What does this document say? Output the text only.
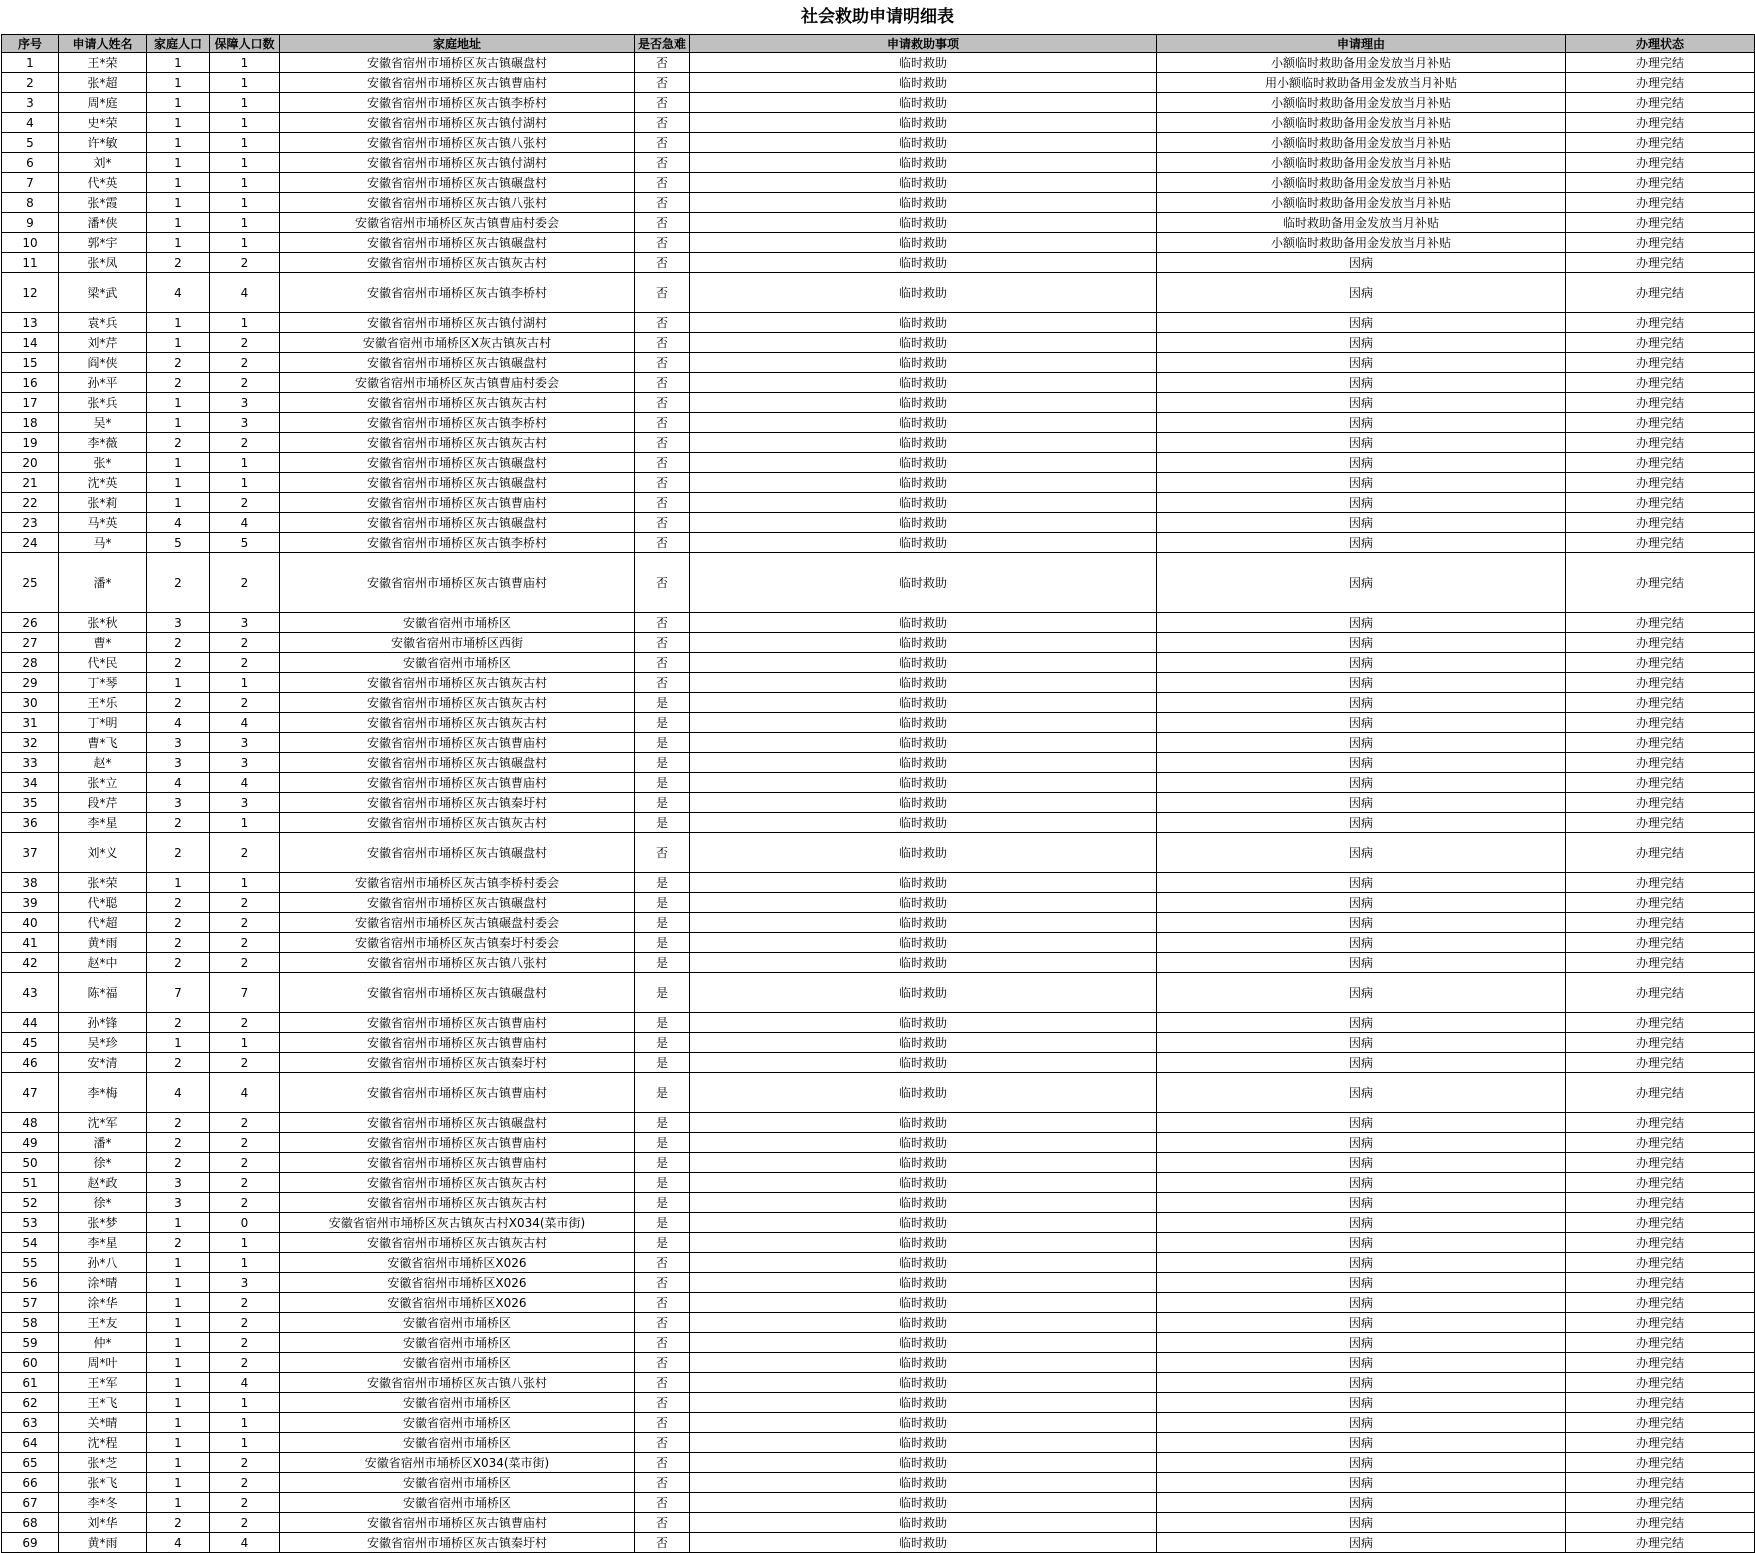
社会救助申请明细表
序号	申请人姓名	家庭人口	保障人口数	家庭地址	是否急难	申请救助事项	申请理由	办理状态
1	王*荣	1	1	安徽省宿州市埇桥区灰古镇碾盘村	否	临时救助	小额临时救助备用金发放当月补贴	办理完结
2	张*超	1	1	安徽省宿州市埇桥区灰古镇曹庙村	否	临时救助	用小额临时救助备用金发放当月补贴	办理完结
3	周*庭	1	1	安徽省宿州市埇桥区灰古镇李桥村	否	临时救助	小额临时救助备用金发放当月补贴	办理完结
4	史*荣	1	1	安徽省宿州市埇桥区灰古镇付湖村	否	临时救助	小额临时救助备用金发放当月补贴	办理完结
5	许*敏	1	1	安徽省宿州市埇桥区灰古镇八张村	否	临时救助	小额临时救助备用金发放当月补贴	办理完结
6	刘*	1	1	安徽省宿州市埇桥区灰古镇付湖村	否	临时救助	小额临时救助备用金发放当月补贴	办理完结
7	代*英	1	1	安徽省宿州市埇桥区灰古镇碾盘村	否	临时救助	小额临时救助备用金发放当月补贴	办理完结
8	张*霞	1	1	安徽省宿州市埇桥区灰古镇八张村	否	临时救助	小额临时救助备用金发放当月补贴	办理完结
9	潘*侠	1	1	安徽省宿州市埇桥区灰古镇曹庙村委会	否	临时救助	临时救助备用金发放当月补贴	办理完结
10	郭*宇	1	1	安徽省宿州市埇桥区灰古镇碾盘村	否	临时救助	小额临时救助备用金发放当月补贴	办理完结
11	张*凤	2	2	安徽省宿州市埇桥区灰古镇灰古村	否	临时救助	因病	办理完结
12	梁*武	4	4	安徽省宿州市埇桥区灰古镇李桥村	否	临时救助	因病	办理完结
13	袁*兵	1	1	安徽省宿州市埇桥区灰古镇付湖村	否	临时救助	因病	办理完结
14	刘*芹	1	2	安徽省宿州市埇桥区X灰古镇灰古村	否	临时救助	因病	办理完结
15	阎*侠	2	2	安徽省宿州市埇桥区灰古镇碾盘村	否	临时救助	因病	办理完结
16	孙*平	2	2	安徽省宿州市埇桥区灰古镇曹庙村委会	否	临时救助	因病	办理完结
17	张*兵	1	3	安徽省宿州市埇桥区灰古镇灰古村	否	临时救助	因病	办理完结
18	吴*	1	3	安徽省宿州市埇桥区灰古镇李桥村	否	临时救助	因病	办理完结
19	李*薇	2	2	安徽省宿州市埇桥区灰古镇灰古村	否	临时救助	因病	办理完结
20	张*	1	1	安徽省宿州市埇桥区灰古镇碾盘村	否	临时救助	因病	办理完结
21	沈*英	1	1	安徽省宿州市埇桥区灰古镇碾盘村	否	临时救助	因病	办理完结
22	张*莉	1	2	安徽省宿州市埇桥区灰古镇曹庙村	否	临时救助	因病	办理完结
23	马*英	4	4	安徽省宿州市埇桥区灰古镇碾盘村	否	临时救助	因病	办理完结
24	马*	5	5	安徽省宿州市埇桥区灰古镇李桥村	否	临时救助	因病	办理完结
25	潘*	2	2	安徽省宿州市埇桥区灰古镇曹庙村	否	临时救助	因病	办理完结
26	张*秋	3	3	安徽省宿州市埇桥区	否	临时救助	因病	办理完结
27	曹*	2	2	安徽省宿州市埇桥区西街	否	临时救助	因病	办理完结
28	代*民	2	2	安徽省宿州市埇桥区	否	临时救助	因病	办理完结
29	丁*琴	1	1	安徽省宿州市埇桥区灰古镇灰古村	否	临时救助	因病	办理完结
30	王*乐	2	2	安徽省宿州市埇桥区灰古镇灰古村	是	临时救助	因病	办理完结
31	丁*明	4	4	安徽省宿州市埇桥区灰古镇灰古村	是	临时救助	因病	办理完结
32	曹*飞	3	3	安徽省宿州市埇桥区灰古镇曹庙村	是	临时救助	因病	办理完结
33	赵*	3	3	安徽省宿州市埇桥区灰古镇碾盘村	是	临时救助	因病	办理完结
34	张*立	4	4	安徽省宿州市埇桥区灰古镇曹庙村	是	临时救助	因病	办理完结
35	段*芹	3	3	安徽省宿州市埇桥区灰古镇秦圩村	是	临时救助	因病	办理完结
36	李*星	2	1	安徽省宿州市埇桥区灰古镇灰古村	是	临时救助	因病	办理完结
37	刘*义	2	2	安徽省宿州市埇桥区灰古镇碾盘村	否	临时救助	因病	办理完结
38	张*荣	1	1	安徽省宿州市埇桥区灰古镇李桥村委会	是	临时救助	因病	办理完结
39	代*聪	2	2	安徽省宿州市埇桥区灰古镇碾盘村	是	临时救助	因病	办理完结
40	代*超	2	2	安徽省宿州市埇桥区灰古镇碾盘村委会	是	临时救助	因病	办理完结
41	黄*雨	2	2	安徽省宿州市埇桥区灰古镇秦圩村委会	是	临时救助	因病	办理完结
42	赵*中	2	2	安徽省宿州市埇桥区灰古镇八张村	是	临时救助	因病	办理完结
43	陈*福	7	7	安徽省宿州市埇桥区灰古镇碾盘村	是	临时救助	因病	办理完结
44	孙*锋	2	2	安徽省宿州市埇桥区灰古镇曹庙村	是	临时救助	因病	办理完结
45	吴*珍	1	1	安徽省宿州市埇桥区灰古镇曹庙村	是	临时救助	因病	办理完结
46	安*清	2	2	安徽省宿州市埇桥区灰古镇秦圩村	是	临时救助	因病	办理完结
47	李*梅	4	4	安徽省宿州市埇桥区灰古镇曹庙村	是	临时救助	因病	办理完结
48	沈*军	2	2	安徽省宿州市埇桥区灰古镇碾盘村	是	临时救助	因病	办理完结
49	潘*	2	2	安徽省宿州市埇桥区灰古镇曹庙村	是	临时救助	因病	办理完结
50	徐*	2	2	安徽省宿州市埇桥区灰古镇曹庙村	是	临时救助	因病	办理完结
51	赵*政	3	2	安徽省宿州市埇桥区灰古镇灰古村	是	临时救助	因病	办理完结
52	徐*	3	2	安徽省宿州市埇桥区灰古镇灰古村	是	临时救助	因病	办理完结
53	张*梦	1	0	安徽省宿州市埇桥区灰古镇灰古村X034(菜市街)	是	临时救助	因病	办理完结
54	李*星	2	1	安徽省宿州市埇桥区灰古镇灰古村	是	临时救助	因病	办理完结
55	孙*八	1	1	安徽省宿州市埇桥区X026	否	临时救助	因病	办理完结
56	涂*晴	1	3	安徽省宿州市埇桥区X026	否	临时救助	因病	办理完结
57	涂*华	1	2	安徽省宿州市埇桥区X026	否	临时救助	因病	办理完结
58	王*友	1	2	安徽省宿州市埇桥区	否	临时救助	因病	办理完结
59	仲*	1	2	安徽省宿州市埇桥区	否	临时救助	因病	办理完结
60	周*叶	1	2	安徽省宿州市埇桥区	否	临时救助	因病	办理完结
61	王*军	1	4	安徽省宿州市埇桥区灰古镇八张村	否	临时救助	因病	办理完结
62	王*飞	1	1	安徽省宿州市埇桥区	否	临时救助	因病	办理完结
63	关*晴	1	1	安徽省宿州市埇桥区	否	临时救助	因病	办理完结
64	沈*程	1	1	安徽省宿州市埇桥区	否	临时救助	因病	办理完结
65	张*芝	1	2	安徽省宿州市埇桥区X034(菜市街)	否	临时救助	因病	办理完结
66	张*飞	1	2	安徽省宿州市埇桥区	否	临时救助	因病	办理完结
67	李*冬	1	2	安徽省宿州市埇桥区	否	临时救助	因病	办理完结
68	刘*华	2	2	安徽省宿州市埇桥区灰古镇曹庙村	否	临时救助	因病	办理完结
69	黄*雨	4	4	安徽省宿州市埇桥区灰古镇秦圩村	否	临时救助	因病	办理完结
